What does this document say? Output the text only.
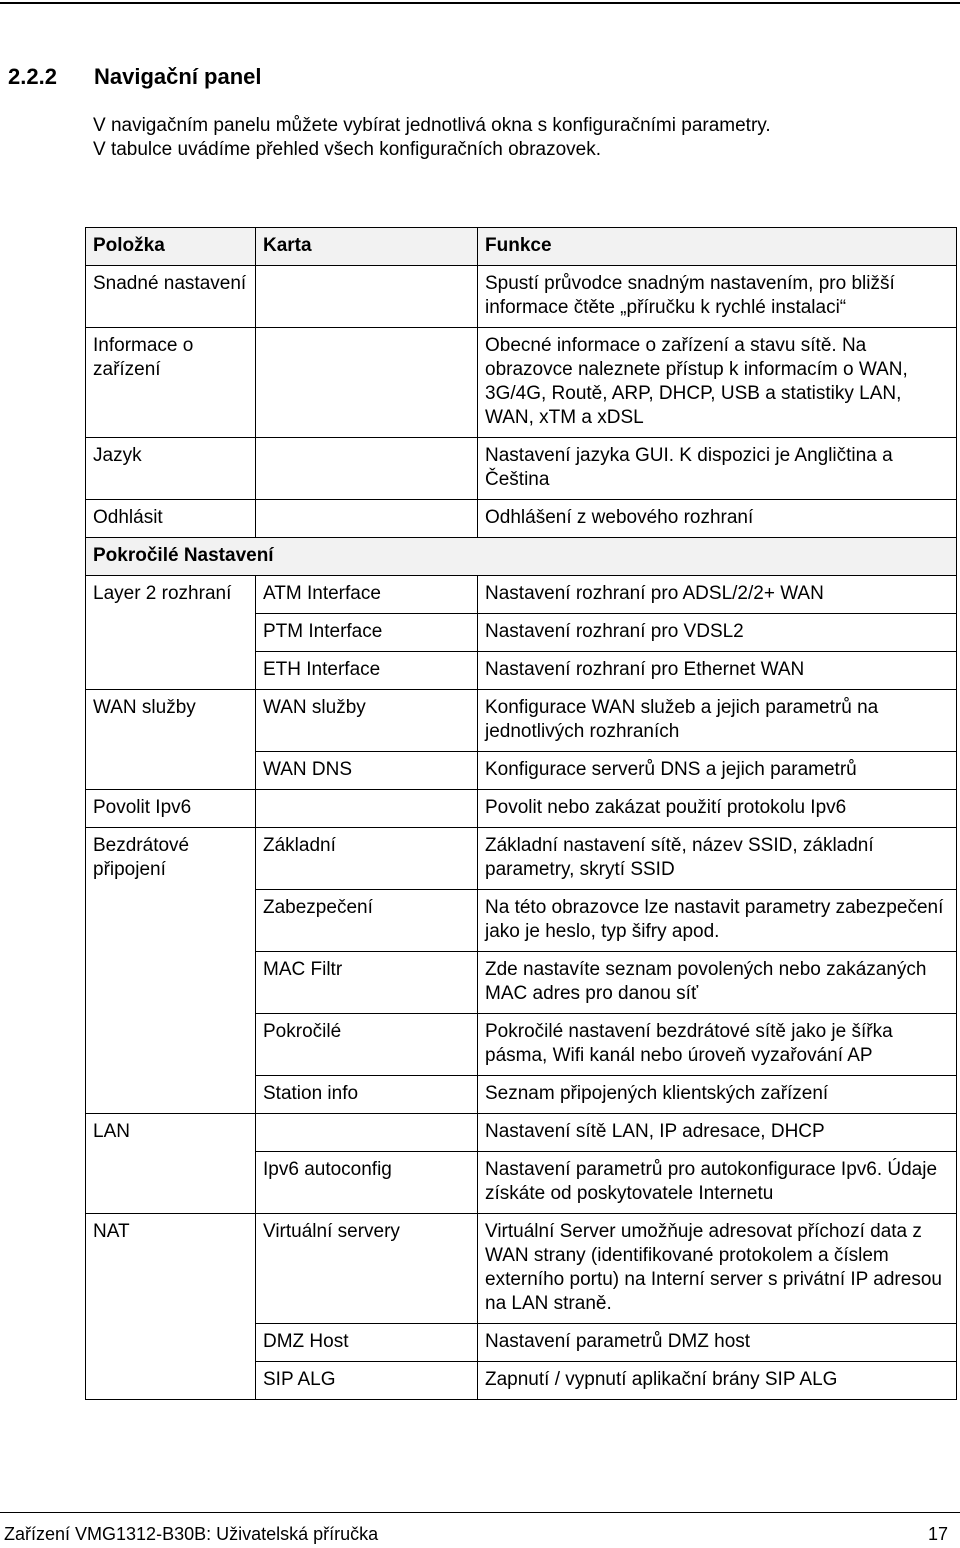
2.2.2 Navigační panel
V navigačním panelu můžete vybírat jednotlivá okna s konfiguračními parametry.
V tabulce uvádíme přehled všech konfiguračních obrazovek.
Položka	Karta	Funkce
Snadné nastavení		Spustí průvodce snadným nastavením, pro bližší informace čtěte „příručku k rychlé instalaci“
Informace o zařízení		Obecné informace o zařízení a stavu sítě. Na obrazovce naleznete přístup k informacím o WAN, 3G/4G, Routě, ARP, DHCP, USB a statistiky LAN, WAN, xTM a xDSL
Jazyk		Nastavení jazyka GUI. K dispozici je Angličtina a Čeština
Odhlásit		Odhlášení z webového rozhraní
Pokročilé Nastavení		
Layer 2 rozhraní	ATM Interface	Nastavení rozhraní pro ADSL/2/2+ WAN
	PTM Interface	Nastavení rozhraní pro VDSL2
	ETH Interface	Nastavení rozhraní pro Ethernet WAN
WAN služby	WAN služby	Konfigurace WAN služeb a jejich parametrů na jednotlivých rozhraních
	WAN DNS	Konfigurace serverů DNS a jejich parametrů
Povolit Ipv6		Povolit nebo zakázat použití protokolu Ipv6
Bezdrátové připojení	Základní	Základní nastavení sítě, název SSID, základní parametry, skrytí SSID
	Zabezpečení	Na této obrazovce lze nastavit parametry zabezpečení jako je heslo, typ šifry apod.
	MAC Filtr	Zde nastavíte seznam povolených nebo zakázaných MAC adres pro danou síť
	Pokročilé	Pokročilé nastavení bezdrátové sítě jako je šířka pásma, Wifi kanál nebo úroveň vyzařování AP
	Station info	Seznam připojených klientských zařízení
LAN		Nastavení sítě LAN, IP adresace, DHCP
	Ipv6 autoconfig	Nastavení parametrů pro autokonfigurace Ipv6. Údaje získáte od poskytovatele Internetu
NAT	Virtuální servery	Virtuální Server umožňuje adresovat příchozí data z WAN strany (identifikované protokolem a číslem externího portu) na Interní server s privátní IP adresou na LAN straně.
	DMZ Host	Nastavení parametrů DMZ host
	SIP ALG	Zapnutí / vypnutí aplikační brány SIP ALG
Zařízení VMG1312-B30B: Uživatelská příručka	17
